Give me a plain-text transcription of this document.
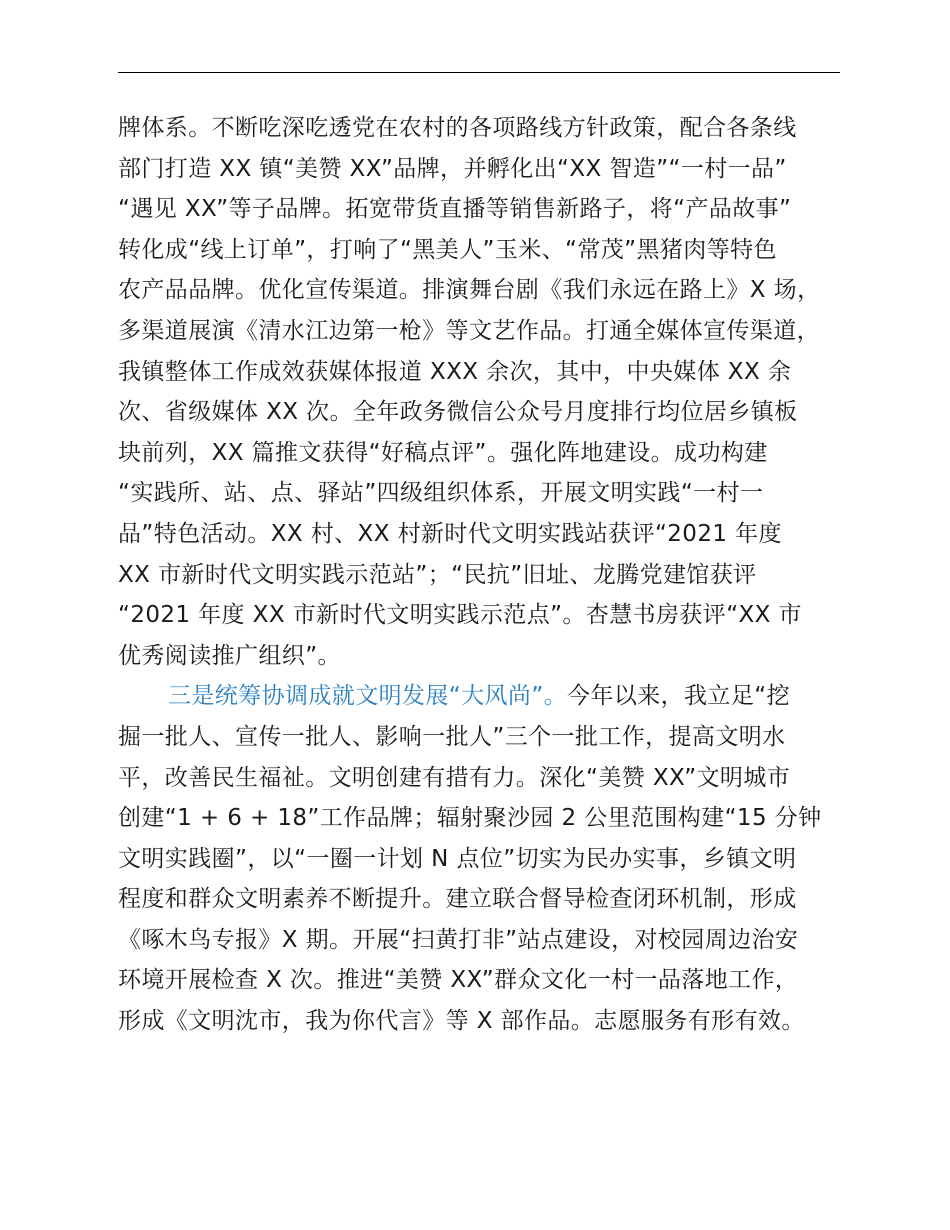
牌体系。不断吃深吃透党在农村的各项路线方针政策，配合各条线
部门打造 XX 镇“美赞 XX”品牌，并孵化出“XX 智造”“一村一品”
“遇见 XX”等子品牌。拓宽带货直播等销售新路子，将“产品故事”
转化成“线上订单”，打响了“黑美人”玉米、“常茂”黑猪肉等特色
农产品品牌。优化宣传渠道。排演舞台剧《我们永远在路上》X 场，
多渠道展演《清水江边第一枪》等文艺作品。打通全媒体宣传渠道，
我镇整体工作成效获媒体报道 XXX 余次，其中，中央媒体 XX 余
次、省级媒体 XX 次。全年政务微信公众号月度排行均位居乡镇板
块前列，XX 篇推文获得“好稿点评”。强化阵地建设。成功构建
“实践所、站、点、驿站”四级组织体系，开展文明实践“一村一
品”特色活动。XX 村、XX 村新时代文明实践站获评“2021 年度
XX 市新时代文明实践示范站”；“民抗”旧址、龙腾党建馆获评
“2021 年度 XX 市新时代文明实践示范点”。杏慧书房获评“XX 市
优秀阅读推广组织”。
三是统筹协调成就文明发展“大风尚”。今年以来，我立足“挖
掘一批人、宣传一批人、影响一批人”三个一批工作，提高文明水
平，改善民生福祉。文明创建有措有力。深化“美赞 XX”文明城市
创建“1 + 6 + 18”工作品牌；辐射聚沙园 2 公里范围构建“15 分钟
文明实践圈”，以“一圈一计划 N 点位”切实为民办实事，乡镇文明
程度和群众文明素养不断提升。建立联合督导检查闭环机制，形成
《啄木鸟专报》X 期。开展“扫黄打非”站点建设，对校园周边治安
环境开展检查 X 次。推进“美赞 XX”群众文化一村一品落地工作，
形成《文明沈市，我为你代言》等 X 部作品。志愿服务有形有效。
